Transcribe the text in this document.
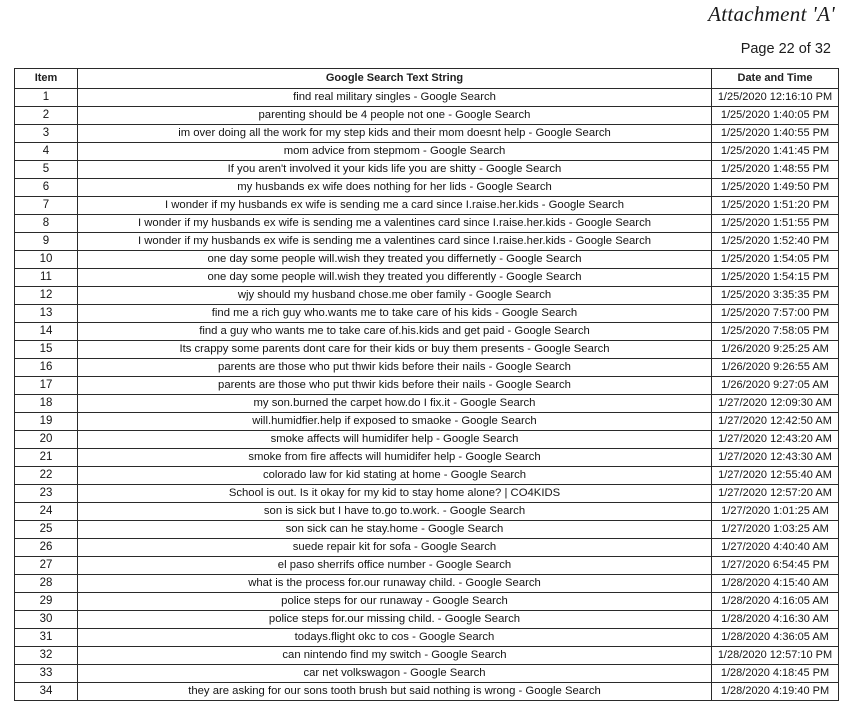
Attachment 'A'
Page 22 of 32
Item	Google Search Text String	Date and Time
1	find real military singles - Google Search	1/25/2020 12:16:10 PM
2	parenting should be 4 people not one - Google Search	1/25/2020 1:40:05 PM
3	im over doing all the work for my step kids and their mom doesnt help - Google Search	1/25/2020 1:40:55 PM
4	mom advice from stepmom - Google Search	1/25/2020 1:41:45 PM
5	If you aren't involved it your kids life you are shitty - Google Search	1/25/2020 1:48:55 PM
6	my husbands ex wife does nothing for her lids - Google Search	1/25/2020 1:49:50 PM
7	I wonder if my husbands ex wife is sending me a card since I.raise.her.kids - Google Search	1/25/2020 1:51:20 PM
8	I wonder if my husbands ex wife is sending me a valentines card since I.raise.her.kids - Google Search	1/25/2020 1:51:55 PM
9	I wonder if my husbands ex wife is sending me a valentines card since I.raise.her.kids - Google Search	1/25/2020 1:52:40 PM
10	one day some people will.wish they treated you differnetly - Google Search	1/25/2020 1:54:05 PM
11	one day some people will.wish they treated you differently - Google Search	1/25/2020 1:54:15 PM
12	wjy should my husband chose.me ober family - Google Search	1/25/2020 3:35:35 PM
13	find me a rich guy who.wants me to take care of his kids - Google Search	1/25/2020 7:57:00 PM
14	find a guy who wants me to take care of.his.kids and get paid - Google Search	1/25/2020 7:58:05 PM
15	Its crappy some parents dont care for their kids or buy them presents - Google Search	1/26/2020 9:25:25 AM
16	parents are those who put thwir kids before their nails - Google Search	1/26/2020 9:26:55 AM
17	parents are those who put thwir kids before their nails - Google Search	1/26/2020 9:27:05 AM
18	my son.burned the carpet how.do I fix.it - Google Search	1/27/2020 12:09:30 AM
19	will.humidfier.help if exposed to smaoke - Google Search	1/27/2020 12:42:50 AM
20	smoke affects will humidifer help - Google Search	1/27/2020 12:43:20 AM
21	smoke from fire affects will humidifer help - Google Search	1/27/2020 12:43:30 AM
22	colorado law for kid stating at home - Google Search	1/27/2020 12:55:40 AM
23	School is out. Is it okay for my kid to stay home alone? | CO4KIDS	1/27/2020 12:57:20 AM
24	son is sick but I have to.go to.work. - Google Search	1/27/2020 1:01:25 AM
25	son sick can he stay.home - Google Search	1/27/2020 1:03:25 AM
26	suede repair kit for sofa - Google Search	1/27/2020 4:40:40 AM
27	el paso sherrifs office number - Google Search	1/27/2020 6:54:45 PM
28	what is the process for.our runaway child. - Google Search	1/28/2020 4:15:40 AM
29	police steps for our runaway - Google Search	1/28/2020 4:16:05 AM
30	police steps for.our missing child. - Google Search	1/28/2020 4:16:30 AM
31	todays.flight okc to cos - Google Search	1/28/2020 4:36:05 AM
32	can nintendo find my switch - Google Search	1/28/2020 12:57:10 PM
33	car net volkswagon - Google Search	1/28/2020 4:18:45 PM
34	they are asking for our sons tooth brush but said nothing is wrong - Google Search	1/28/2020 4:19:40 PM
